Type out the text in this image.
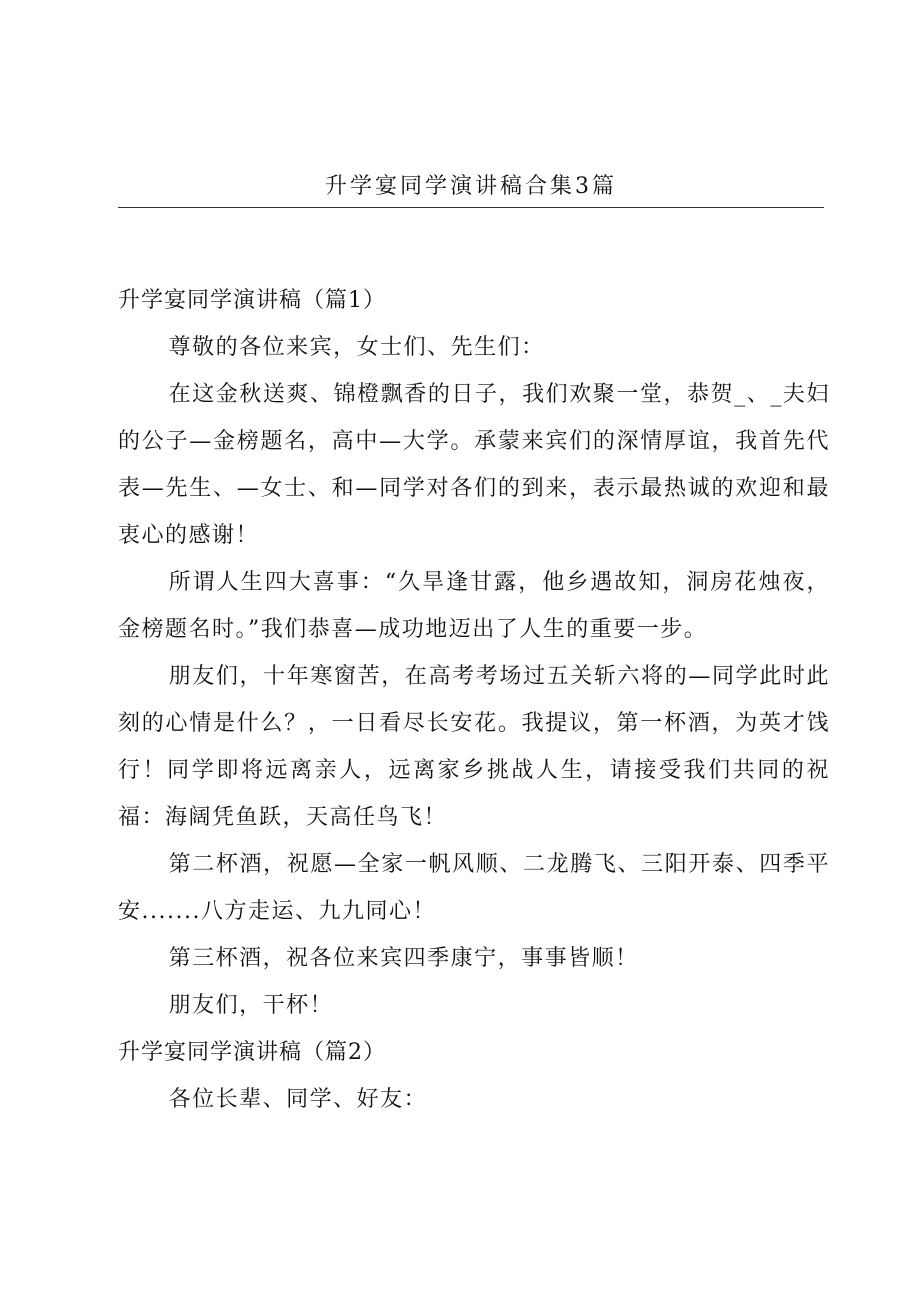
升学宴同学演讲稿合集3篇
升学宴同学演讲稿（篇1）

尊敬的各位来宾，女士们、先生们：

在这金秋送爽、锦橙飘香的日子，我们欢聚一堂，恭贺_、_夫妇的公子—金榜题名，高中—大学。承蒙来宾们的深情厚谊，我首先代表—先生、—女士、和—同学对各们的到来，表示最热诚的欢迎和最衷心的感谢！

所谓人生四大喜事：“久旱逢甘露，他乡遇故知，洞房花烛夜，金榜题名时。”我们恭喜—成功地迈出了人生的重要一步。

朋友们，十年寒窗苦，在高考考场过五关斩六将的—同学此时此刻的心情是什么？，一日看尽长安花。我提议，第一杯酒，为英才饯行！同学即将远离亲人，远离家乡挑战人生，请接受我们共同的祝福：海阔凭鱼跃，天高任鸟飞！

第二杯酒，祝愿—全家一帆风顺、二龙腾飞、三阳开泰、四季平安.......八方走运、九九同心！

第三杯酒，祝各位来宾四季康宁，事事皆顺！

朋友们，干杯！

升学宴同学演讲稿（篇2）

各位长辈、同学、好友：
